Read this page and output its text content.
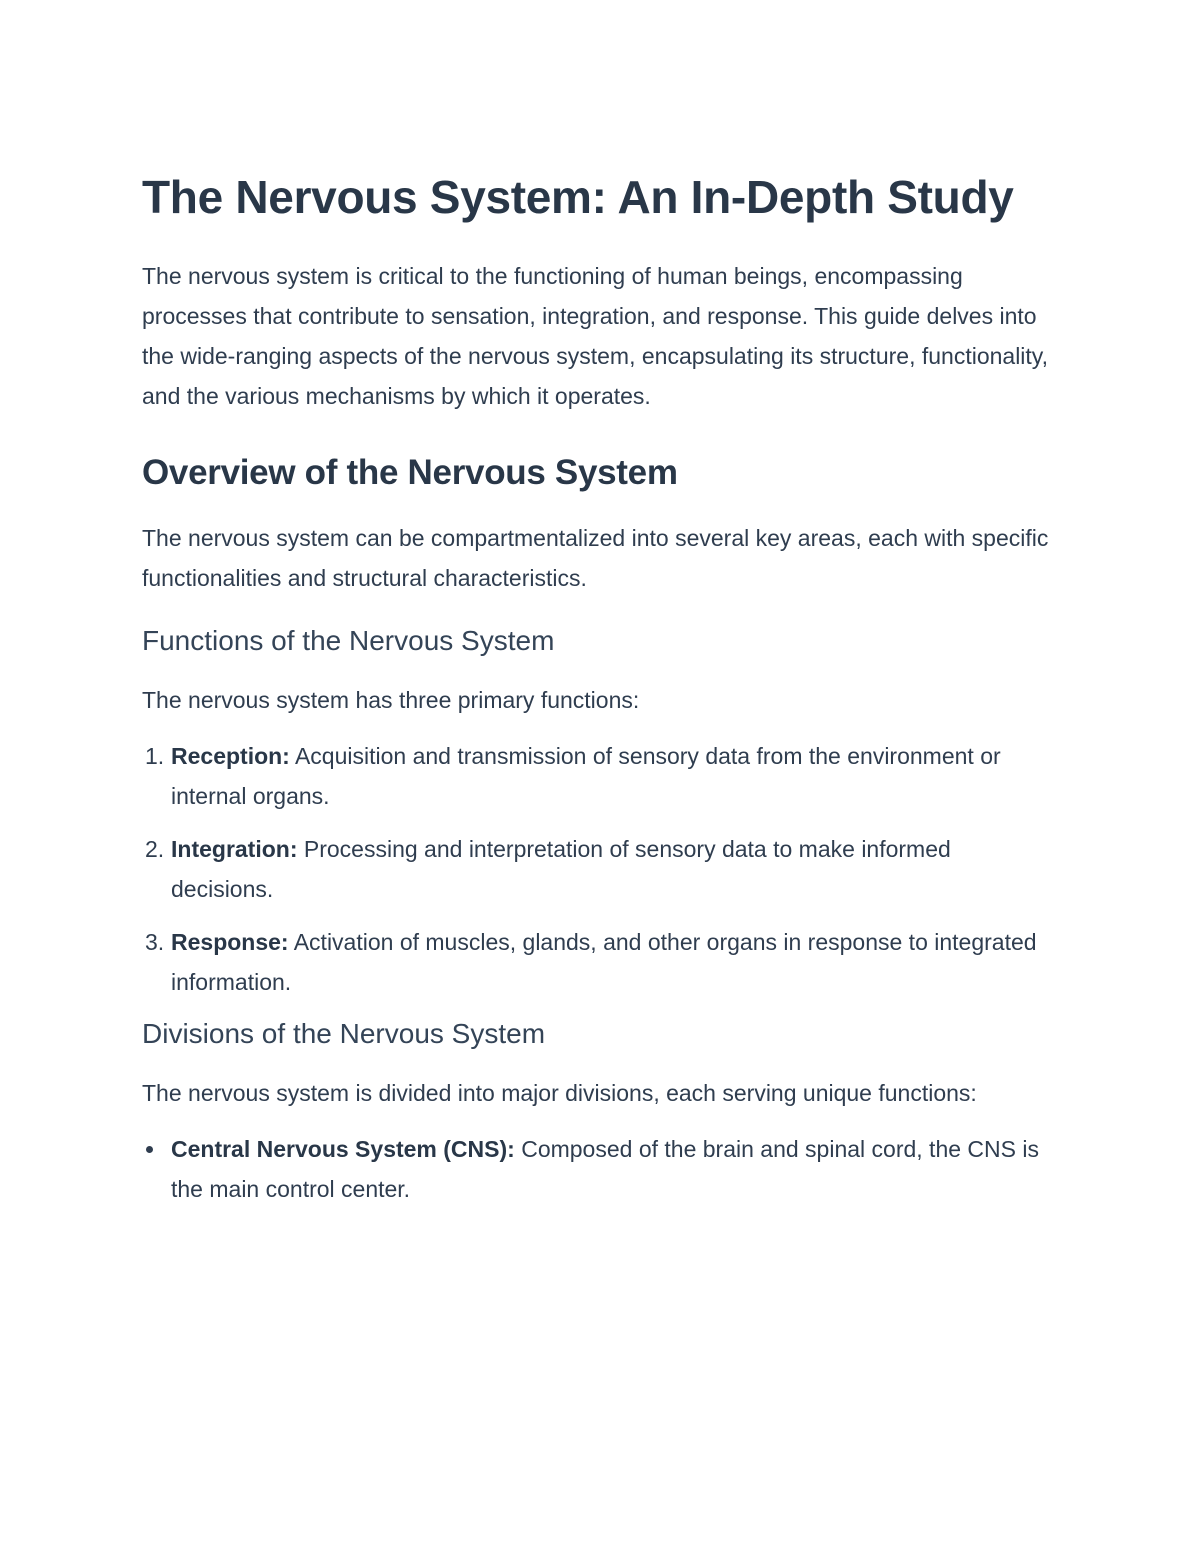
The Nervous System: An In-Depth Study

The nervous system is critical to the functioning of human beings, encompassing processes that contribute to sensation, integration, and response. This guide delves into the wide-ranging aspects of the nervous system, encapsulating its structure, functionality, and the various mechanisms by which it operates.

Overview of the Nervous System

The nervous system can be compartmentalized into several key areas, each with specific functionalities and structural characteristics.

Functions of the Nervous System

The nervous system has three primary functions:

1. Reception: Acquisition and transmission of sensory data from the environment or internal organs.
2. Integration: Processing and interpretation of sensory data to make informed decisions.
3. Response: Activation of muscles, glands, and other organs in response to integrated information.
Divisions of the Nervous System

The nervous system is divided into major divisions, each serving unique functions:

Central Nervous System (CNS): Composed of the brain and spinal cord, the CNS is the main control center.
